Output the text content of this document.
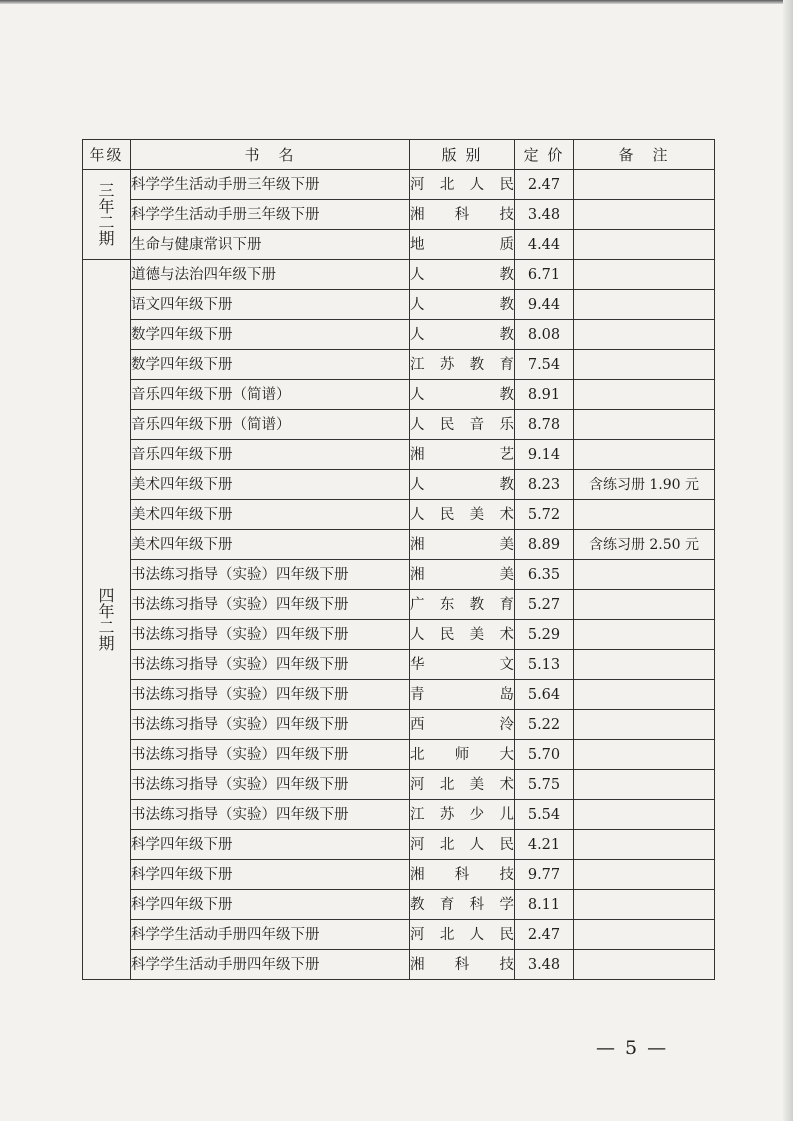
年级	书　名	版 别	定 价	备　注
三年二期	科学学生活动手册三年级下册	河北人民	2.47	
	科学学生活动手册三年级下册	湘科技	3.48	
	生命与健康常识下册	地质	4.44	
四年二期	道德与法治四年级下册	人教	6.71	
	语文四年级下册	人教	9.44	
	数学四年级下册	人教	8.08	
	数学四年级下册	江苏教育	7.54	
	音乐四年级下册（简谱）	人教	8.91	
	音乐四年级下册（简谱）	人民音乐	8.78	
	音乐四年级下册	湘艺	9.14	
	美术四年级下册	人教	8.23	含练习册 1.90 元
	美术四年级下册	人民美术	5.72	
	美术四年级下册	湘美	8.89	含练习册 2.50 元
	书法练习指导（实验）四年级下册	湘美	6.35	
	书法练习指导（实验）四年级下册	广东教育	5.27	
	书法练习指导（实验）四年级下册	人民美术	5.29	
	书法练习指导（实验）四年级下册	华文	5.13	
	书法练习指导（实验）四年级下册	青岛	5.64	
	书法练习指导（实验）四年级下册	西泠	5.22	
	书法练习指导（实验）四年级下册	北师大	5.70	
	书法练习指导（实验）四年级下册	河北美术	5.75	
	书法练习指导（实验）四年级下册	江苏少儿	5.54	
	科学四年级下册	河北人民	4.21	
	科学四年级下册	湘科技	9.77	
	科学四年级下册	教育科学	8.11	
	科学学生活动手册四年级下册	河北人民	2.47	
	科学学生活动手册四年级下册	湘科技	3.48	
— 5 —
